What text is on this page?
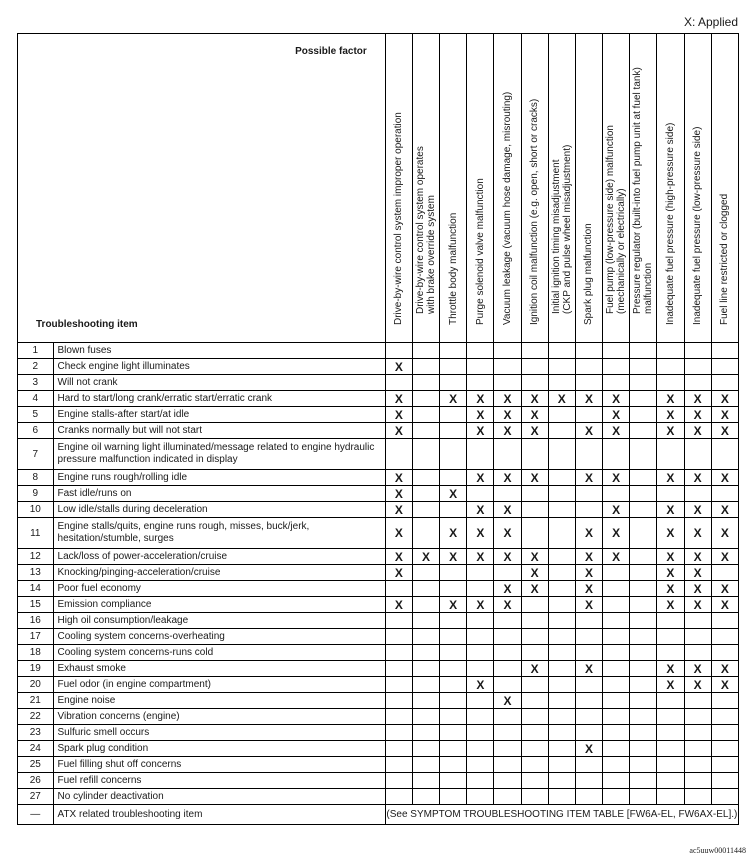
X: Applied
Possible factor
Troubleshooting item		Drive-by-wire control system improper operation	Drive-by-wire control system operates with brake override system	Throttle body malfunction	Purge solenoid valve malfunction	Vacuum leakage (vacuum hose damage, misrouting)	Ignition coil malfunction (e.g. open, short or cracks)	Initial ignition timing misadjustment (CKP and pulse wheel misadjustment)	Spark plug malfunction	Fuel pump (low-pressure side) malfunction (mechanically or electrically)	Pressure regulator (built-into fuel pump unit at fuel tank) malfunction	Inadequate fuel pressure (high-pressure side)	Inadequate fuel pressure (low-pressure side)	Fuel line restricted or clogged

1	Blown fuses													
2	Check engine light illuminates	X												
3	Will not crank													
4	Hard to start/long crank/erratic start/erratic crank	X		X	X	X	X	X	X	X		X	X	X
5	Engine stalls-after start/at idle	X			X	X	X			X		X	X	X
6	Cranks normally but will not start	X			X	X	X		X	X		X	X	X
7	Engine oil warning light illuminated/message related to engine hydraulic pressure malfunction indicated in display													
8	Engine runs rough/rolling idle	X			X	X	X		X	X		X	X	X
9	Fast idle/runs on	X		X										
10	Low idle/stalls during deceleration	X			X	X				X		X	X	X
11	Engine stalls/quits, engine runs rough, misses, buck/jerk, hesitation/stumble, surges	X		X	X	X			X	X		X	X	X
12	Lack/loss of power-acceleration/cruise	X	X	X	X	X	X		X	X		X	X	X
13	Knocking/pinging-acceleration/cruise	X					X		X			X	X	
14	Poor fuel economy					X	X		X			X	X	X
15	Emission compliance	X		X	X	X			X			X	X	X
16	High oil consumption/leakage													
17	Cooling system concerns-overheating													
18	Cooling system concerns-runs cold													
19	Exhaust smoke						X		X			X	X	X
20	Fuel odor (in engine compartment)				X							X	X	X
21	Engine noise					X								
22	Vibration concerns (engine)													
23	Sulfuric smell occurs													
24	Spark plug condition								X					
25	Fuel filling shut off concerns													
26	Fuel refill concerns													
27	No cylinder deactivation													
—	ATX related troubleshooting item	(See SYMPTOM TROUBLESHOOTING ITEM TABLE [FW6A-EL, FW6AX-EL].)												
ac5uuw00011448
